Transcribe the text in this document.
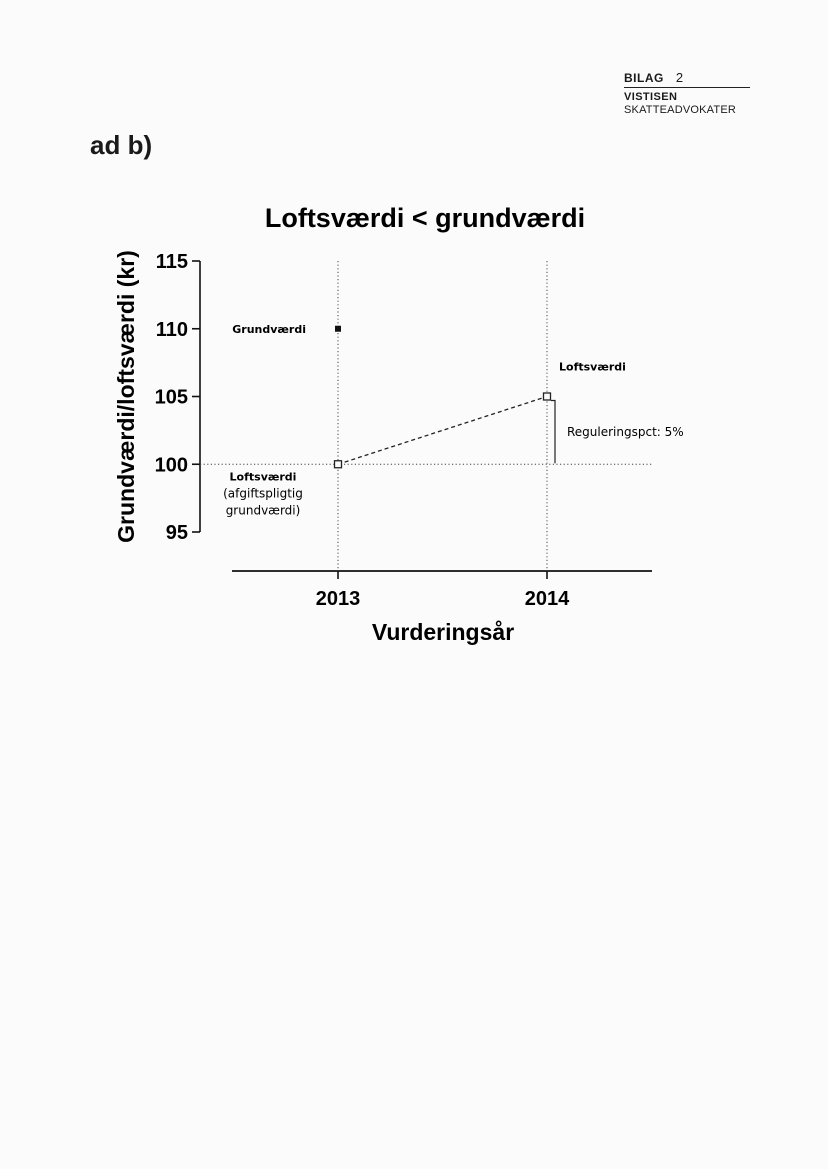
BILAG 2
VISTISEN
SKATTEADVOKATER
ad b)
Loftsværdi < grundværdi
Grundværdi/loftsværdi (kr)
Vurderingsår
95
100
105
110
115
2013	2014
Grundværdi
Loftsværdi
(afgiftspligtig
grundværdi)
Loftsværdi
Reguleringspct: 5%
